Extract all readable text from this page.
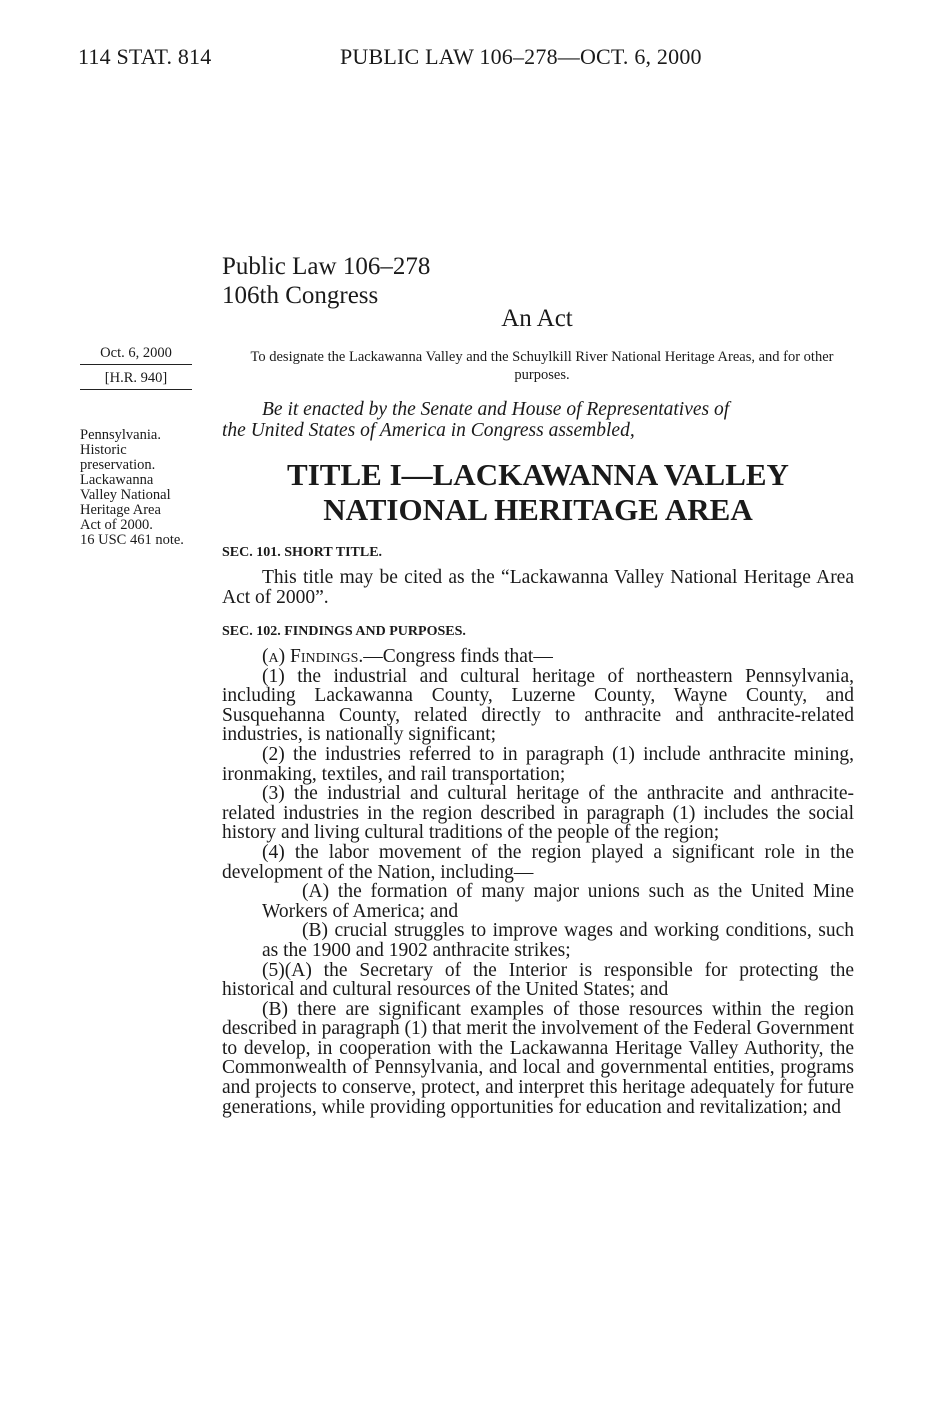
114 STAT. 814	PUBLIC LAW 106–278—OCT. 6, 2000
Public Law 106–278
106th Congress
An Act
Oct. 6, 2000
[H.R. 940]
Pennsylvania.
Historic
preservation.
Lackawanna
Valley National
Heritage Area
Act of 2000.
16 USC 461 note.
To designate the Lackawanna Valley and the Schuylkill River National Heritage Areas, and for other purposes.
Be it enacted by the Senate and House of Representatives of
the United States of America in Congress assembled,
TITLE I—LACKAWANNA VALLEY
NATIONAL HERITAGE AREA
SEC. 101. SHORT TITLE.

This title may be cited as the “Lackawanna Valley National Heritage Area Act of 2000”.

SEC. 102. FINDINGS AND PURPOSES.

(a) Findings.—Congress finds that—

(1) the industrial and cultural heritage of northeastern Pennsylvania, including Lackawanna County, Luzerne County, Wayne County, and Susquehanna County, related directly to anthracite and anthracite-related industries, is nationally significant;

(2) the industries referred to in paragraph (1) include anthracite mining, ironmaking, textiles, and rail transportation;

(3) the industrial and cultural heritage of the anthracite and anthracite-related industries in the region described in paragraph (1) includes the social history and living cultural traditions of the people of the region;

(4) the labor movement of the region played a significant role in the development of the Nation, including—

(A) the formation of many major unions such as the United Mine Workers of America; and

(B) crucial struggles to improve wages and working conditions, such as the 1900 and 1902 anthracite strikes;

(5)(A) the Secretary of the Interior is responsible for protecting the historical and cultural resources of the United States; and

(B) there are significant examples of those resources within the region described in paragraph (1) that merit the involvement of the Federal Government to develop, in cooperation with the Lackawanna Heritage Valley Authority, the Commonwealth of Pennsylvania, and local and governmental entities, programs and projects to conserve, protect, and interpret this heritage adequately for future generations, while providing opportunities for education and revitalization; and
